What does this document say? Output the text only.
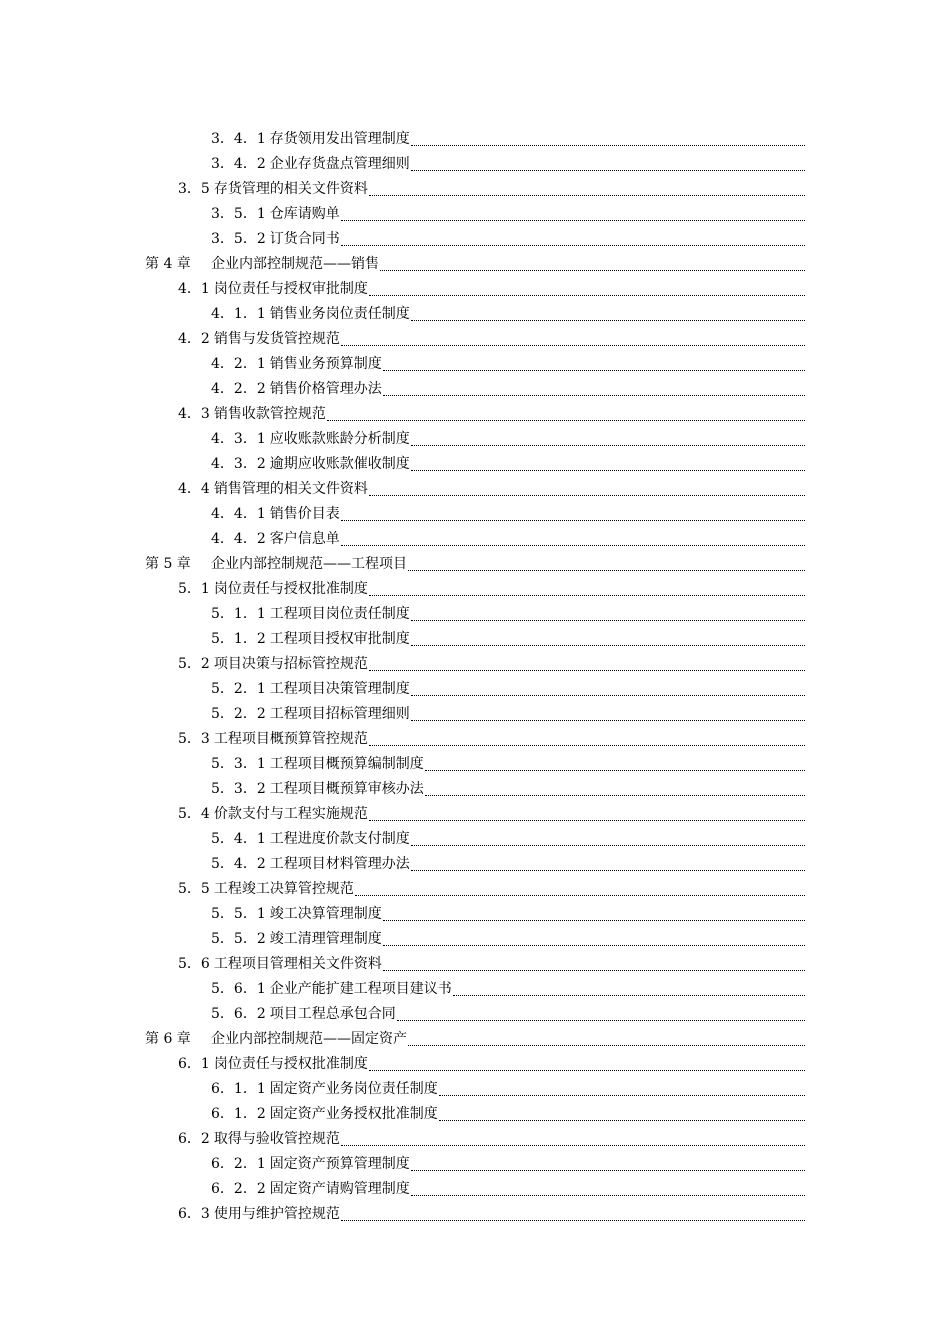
3．4．1 存货领用发出管理制度
3．4．2 企业存货盘点管理细则
3．5 存货管理的相关文件资料
3．5．1 仓库请购单
3．5．2 订货合同书
第 4 章 企业内部控制规范——销售
4．1 岗位责任与授权审批制度
4．1．1 销售业务岗位责任制度
4．2 销售与发货管控规范
4．2．1 销售业务预算制度
4．2．2 销售价格管理办法
4．3 销售收款管控规范
4．3．1 应收账款账龄分析制度
4．3．2 逾期应收账款催收制度
4．4 销售管理的相关文件资料
4．4．1 销售价目表
4．4．2 客户信息单
第 5 章 企业内部控制规范——工程项目
5．1 岗位责任与授权批准制度
5．1．1 工程项目岗位责任制度
5．1．2 工程项目授权审批制度
5．2 项目决策与招标管控规范
5．2．1 工程项目决策管理制度
5．2．2 工程项目招标管理细则
5．3 工程项目概预算管控规范
5．3．1 工程项目概预算编制制度
5．3．2 工程项目概预算审核办法
5．4 价款支付与工程实施规范
5．4．1 工程进度价款支付制度
5．4．2 工程项目材料管理办法
5．5 工程竣工决算管控规范
5．5．1 竣工决算管理制度
5．5．2 竣工清理管理制度
5．6 工程项目管理相关文件资料
5．6．1 企业产能扩建工程项目建议书
5．6．2 项目工程总承包合同
第 6 章 企业内部控制规范——固定资产
6．1 岗位责任与授权批准制度
6．1．1 固定资产业务岗位责任制度
6．1．2 固定资产业务授权批准制度
6．2 取得与验收管控规范
6．2．1 固定资产预算管理制度
6．2．2 固定资产请购管理制度
6．3 使用与维护管控规范
